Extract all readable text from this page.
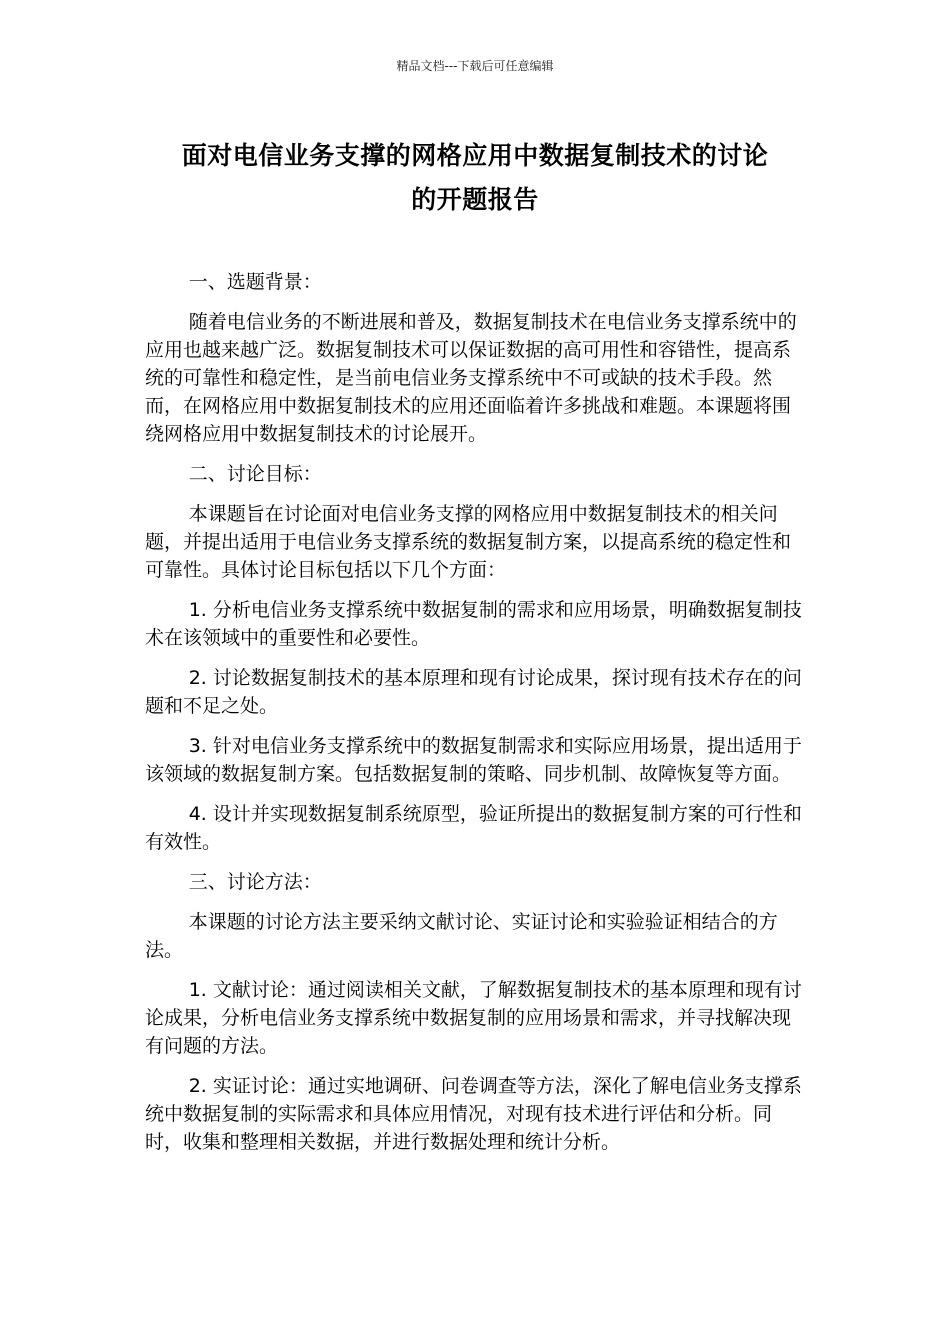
精品文档---下载后可任意编辑
面对电信业务支撑的网格应用中数据复制技术的讨论
的开题报告

一、选题背景：

随着电信业务的不断进展和普及，数据复制技术在电信业务支撑系统中的应用也越来越广泛。数据复制技术可以保证数据的高可用性和容错性，提高系统的可靠性和稳定性，是当前电信业务支撑系统中不可或缺的技术手段。然而，在网格应用中数据复制技术的应用还面临着许多挑战和难题。本课题将围绕网格应用中数据复制技术的讨论展开。

二、讨论目标：

本课题旨在讨论面对电信业务支撑的网格应用中数据复制技术的相关问题，并提出适用于电信业务支撑系统的数据复制方案，以提高系统的稳定性和可靠性。具体讨论目标包括以下几个方面：

1. 分析电信业务支撑系统中数据复制的需求和应用场景，明确数据复制技术在该领域中的重要性和必要性。

2. 讨论数据复制技术的基本原理和现有讨论成果，探讨现有技术存在的问题和不足之处。

3. 针对电信业务支撑系统中的数据复制需求和实际应用场景，提出适用于该领域的数据复制方案。包括数据复制的策略、同步机制、故障恢复等方面。

4. 设计并实现数据复制系统原型，验证所提出的数据复制方案的可行性和有效性。

三、讨论方法：

本课题的讨论方法主要采纳文献讨论、实证讨论和实验验证相结合的方法。

1. 文献讨论：通过阅读相关文献，了解数据复制技术的基本原理和现有讨论成果，分析电信业务支撑系统中数据复制的应用场景和需求，并寻找解决现有问题的方法。

2. 实证讨论：通过实地调研、问卷调查等方法，深化了解电信业务支撑系统中数据复制的实际需求和具体应用情况，对现有技术进行评估和分析。同时，收集和整理相关数据，并进行数据处理和统计分析。
